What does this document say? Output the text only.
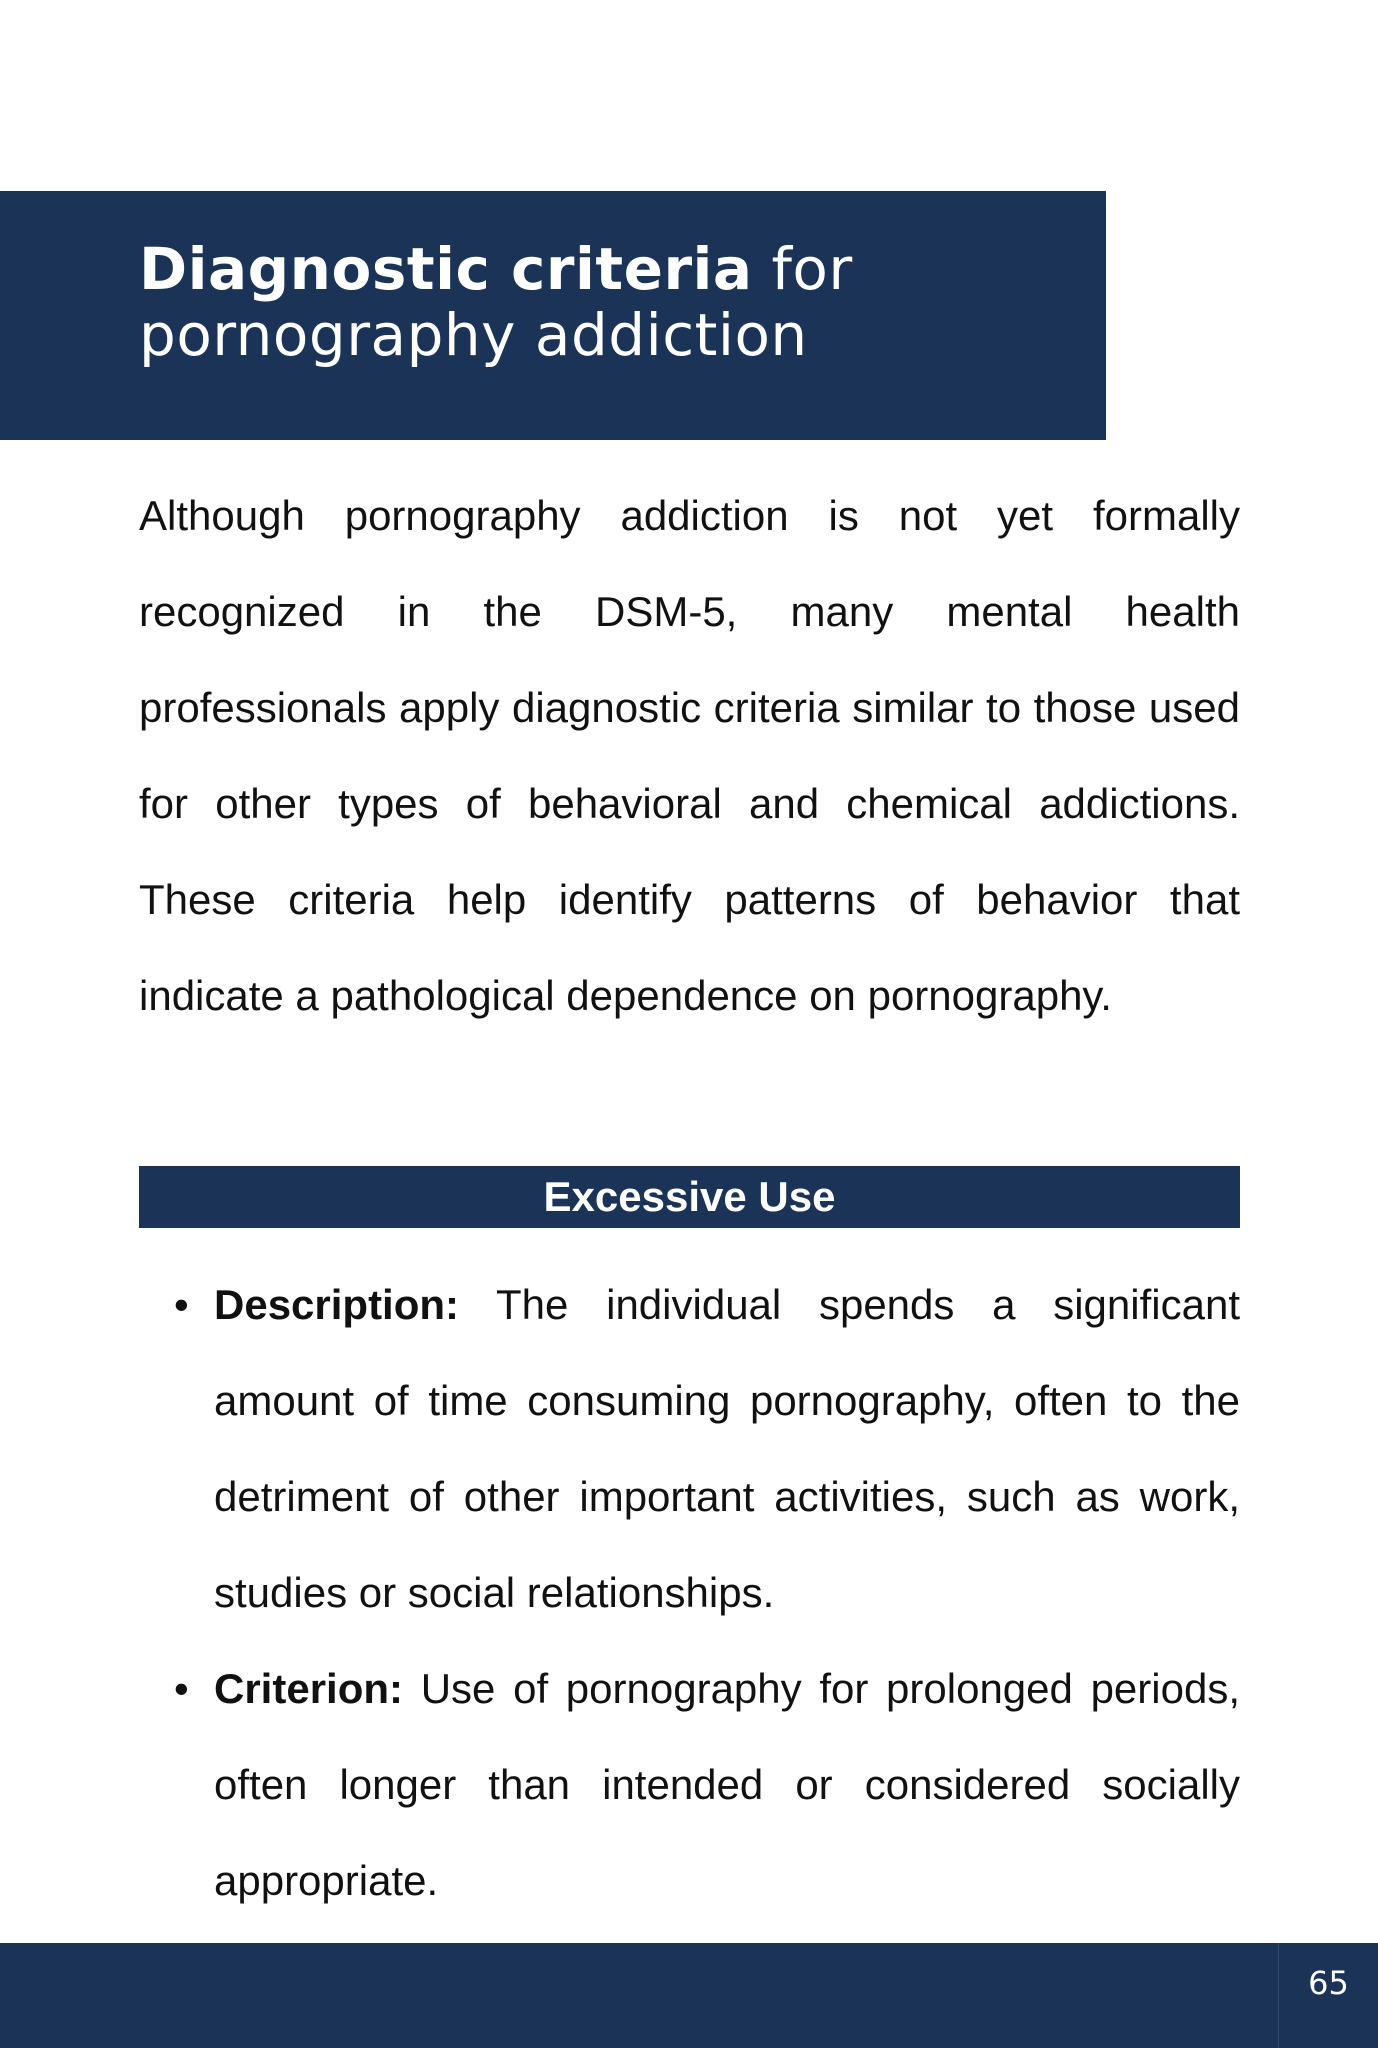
Diagnostic criteria for
pornography addiction

Although pornography addiction is not yet formally recognized in the DSM-5, many mental health professionals apply diagnostic criteria similar to those used for other types of behavioral and chemical addictions. These criteria help identify patterns of behavior that indicate a pathological dependence on pornography.

Excessive Use
• Description: The individual spends a significant amount of time consuming pornography, often to the detriment of other important activities, such as work, studies or social relationships.
• Criterion: Use of pornography for prolonged periods, often longer than intended or considered socially appropriate.
65
